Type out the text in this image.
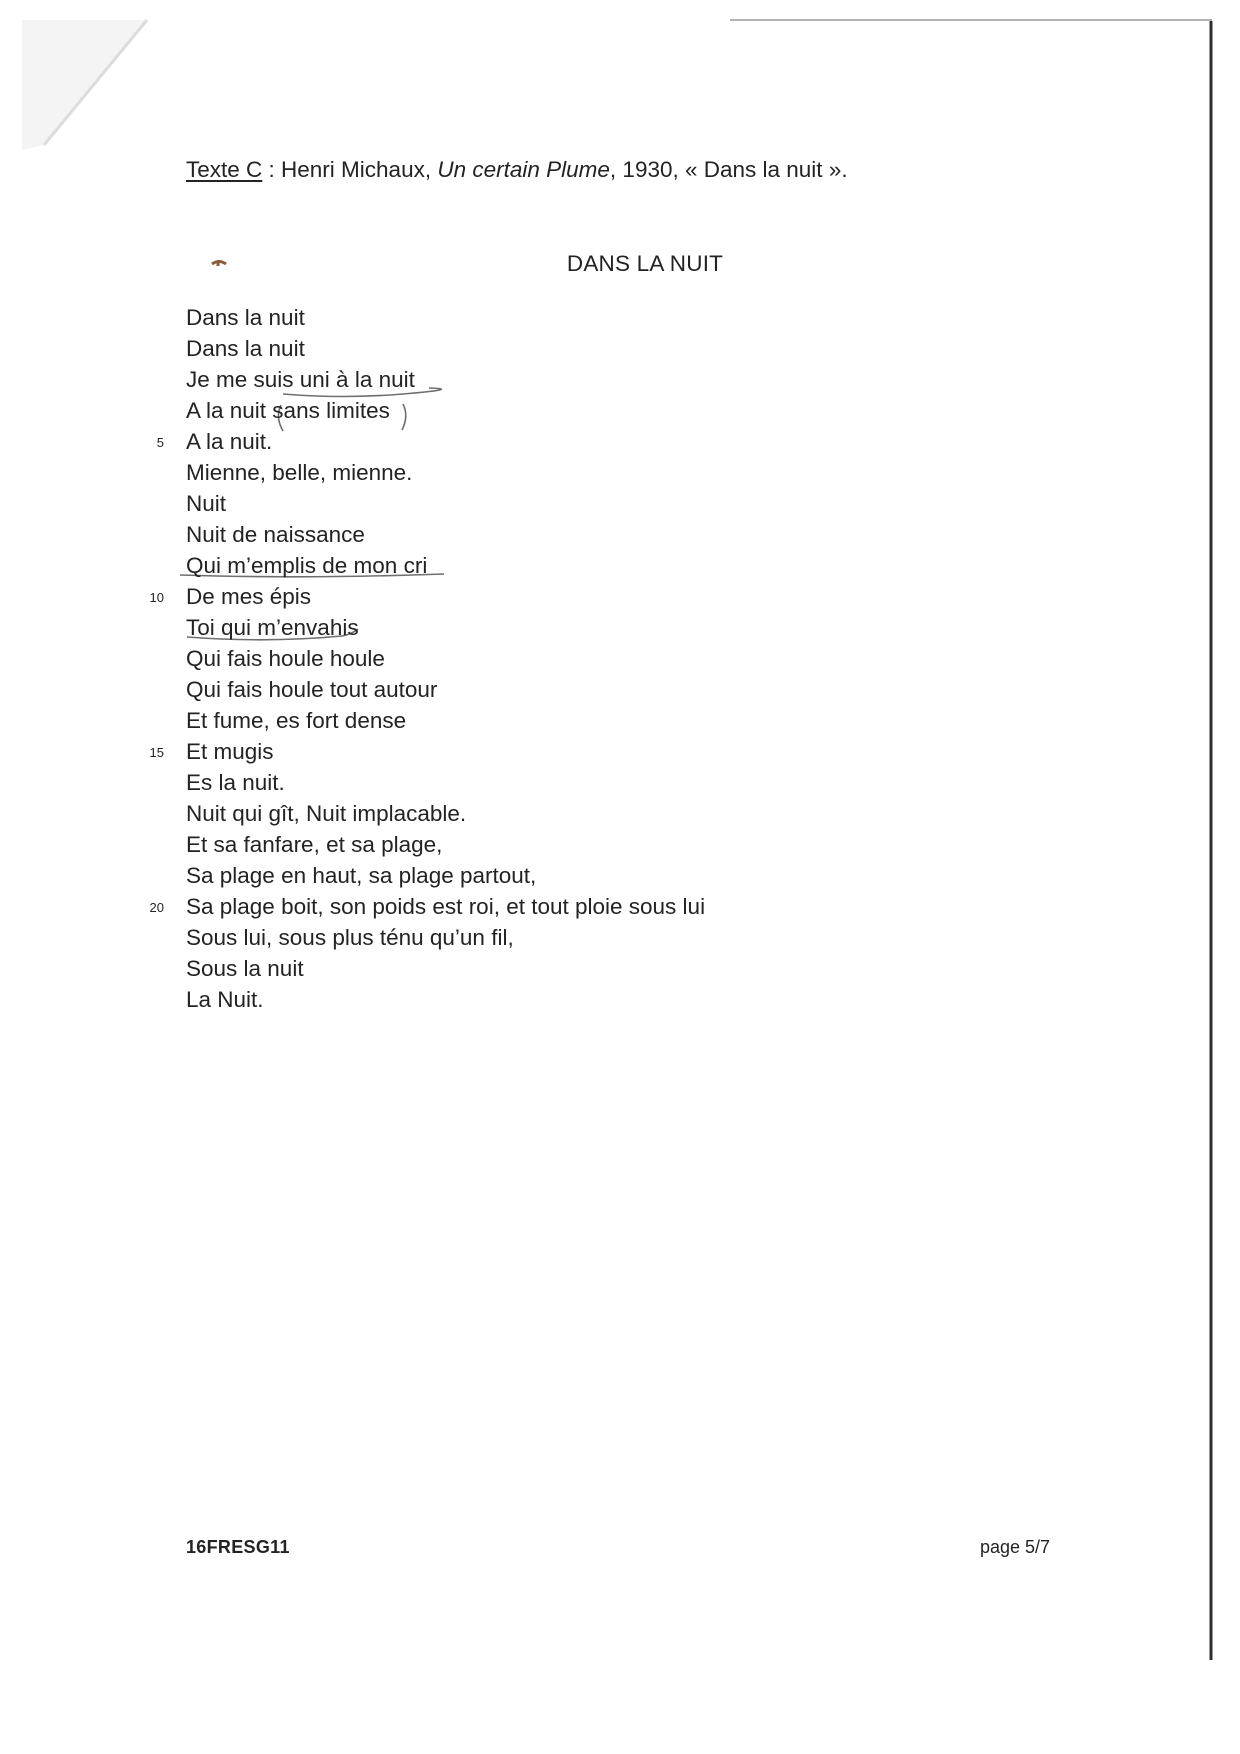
Texte C : Henri Michaux, Un certain Plume, 1930, « Dans la nuit ».
DANS LA NUIT
Dans la nuit
Dans la nuit
Je me suis uni à la nuit
A la nuit sans limites
5 A la nuit.
Mienne, belle, mienne.
Nuit
Nuit de naissance
Qui m’emplis de mon cri
10 De mes épis
Toi qui m’envahis
Qui fais houle houle
Qui fais houle tout autour
Et fume, es fort dense
15 Et mugis
Es la nuit.
Nuit qui gît, Nuit implacable.
Et sa fanfare, et sa plage,
Sa plage en haut, sa plage partout,
20 Sa plage boit, son poids est roi, et tout ploie sous lui
Sous lui, sous plus ténu qu’un fil,
Sous la nuit
La Nuit.
16FRESG11	page 5/7
